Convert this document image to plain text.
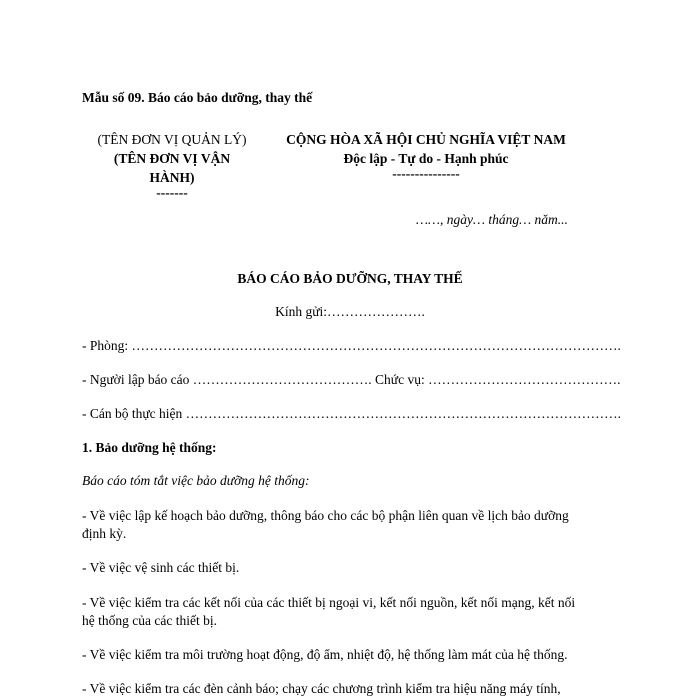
Mẫu số 09. Báo cáo bảo dưỡng, thay thế
(TÊN ĐƠN VỊ QUẢN LÝ)
(TÊN ĐƠN VỊ VẬN
HÀNH)
-------
CỘNG HÒA XÃ HỘI CHỦ NGHĨA VIỆT NAM
Độc lập - Tự do - Hạnh phúc
---------------
……, ngày… tháng… năm...
BÁO CÁO BẢO DƯỠNG, THAY THẾ
Kính gửi:………………….
- Phòng: ……………………………………………………………………………………………….
- Người lập báo cáo …………………………………. Chức vụ: …………………………………….
- Cán bộ thực hiện …………………………………………………………………………………….
1. Bảo dưỡng hệ thống:
Báo cáo tóm tắt việc bảo dưỡng hệ thống:
- Về việc lập kế hoạch bảo dưỡng, thông báo cho các bộ phận liên quan về lịch bảo dưỡng định kỳ.
- Về việc vệ sinh các thiết bị.
- Về việc kiểm tra các kết nối của các thiết bị ngoại vi, kết nối nguồn, kết nối mạng, kết nối hệ thống của các thiết bị.
- Về việc kiểm tra môi trường hoạt động, độ ẩm, nhiệt độ, hệ thống làm mát của hệ thống.
- Về việc kiểm tra các đèn cảnh báo; chạy các chương trình kiểm tra hiệu năng máy tính,
